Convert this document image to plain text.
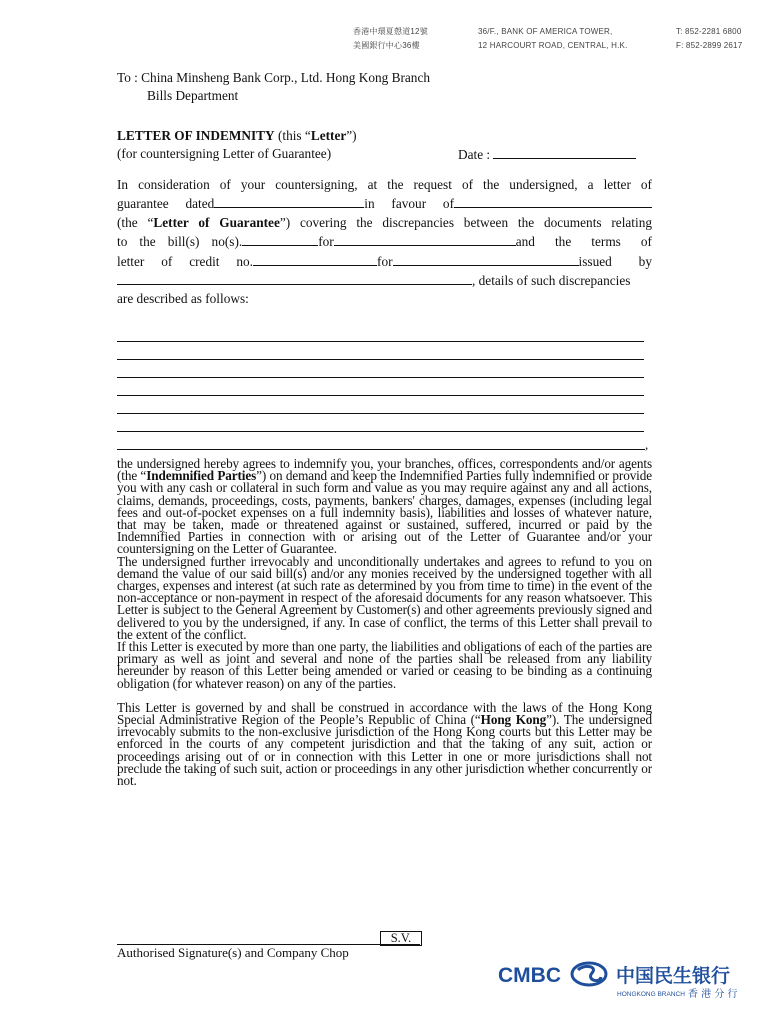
香港中環夏慤道12號
美國銀行中心36樓
36/F., BANK OF AMERICA TOWER,
12 HARCOURT ROAD, CENTRAL, H.K.
T: 852-2281 6800
F: 852-2899 2617
To : China Minsheng Bank Corp., Ltd. Hong Kong Branch
Bills Department
LETTER OF INDEMNITY (this “Letter”)
(for countersigning Letter of Guarantee)	Date :
In consideration of your countersigning, at the request of the undersigned, a letter of
guarantee dated	in favour of
(the “Letter of Guarantee”) covering the discrepancies between the documents relating
to the bill(s) no(s).	for	and the terms of
letter of credit no.	for	issued by
, details of such discrepancies
are described as follows:
,

the undersigned hereby agrees to indemnify you, your branches, offices, correspondents and/or agents (the “Indemnified Parties”) on demand and keep the Indemnified Parties fully indemnified or provide you with any cash or collateral in such form and value as you may require against any and all actions, claims, demands, proceedings, costs, payments, bankers' charges, damages, expenses (including legal fees and out-of-pocket expenses on a full indemnity basis), liabilities and losses of whatever nature, that may be taken, made or threatened against or sustained, suffered, incurred or paid by the Indemnified Parties in connection with or arising out of the Letter of Guarantee and/or your countersigning on the Letter of Guarantee.

The undersigned further irrevocably and unconditionally undertakes and agrees to refund to you on demand the value of our said bill(s) and/or any monies received by the undersigned together with all charges, expenses and interest (at such rate as determined by you from time to time) in the event of the non-acceptance or non-payment in respect of the aforesaid documents for any reason whatsoever. This Letter is subject to the General Agreement by Customer(s) and other agreements previously signed and delivered to you by the undersigned, if any. In case of conflict, the terms of this Letter shall prevail to the extent of the conflict.

If this Letter is executed by more than one party, the liabilities and obligations of each of the parties are primary as well as joint and several and none of the parties shall be released from any liability hereunder by reason of this Letter being amended or varied or ceasing to be binding as a continuing obligation (for whatever reason) on any of the parties.

This Letter is governed by and shall be construed in accordance with the laws of the Hong Kong Special Administrative Region of the People’s Republic of China (“Hong Kong”). The undersigned irrevocably submits to the non-exclusive jurisdiction of the Hong Kong courts but this Letter may be enforced in the courts of any competent jurisdiction and that the taking of any suit, action or proceedings arising out of or in connection with this Letter in one or more jurisdictions shall not preclude the taking of such suit, action or proceedings in any other jurisdiction whether concurrently or not.

S.V.
Authorised Signature(s) and Company Chop
CMBC	中国民生银行
HONGKONG BRANCH 香 港 分 行
